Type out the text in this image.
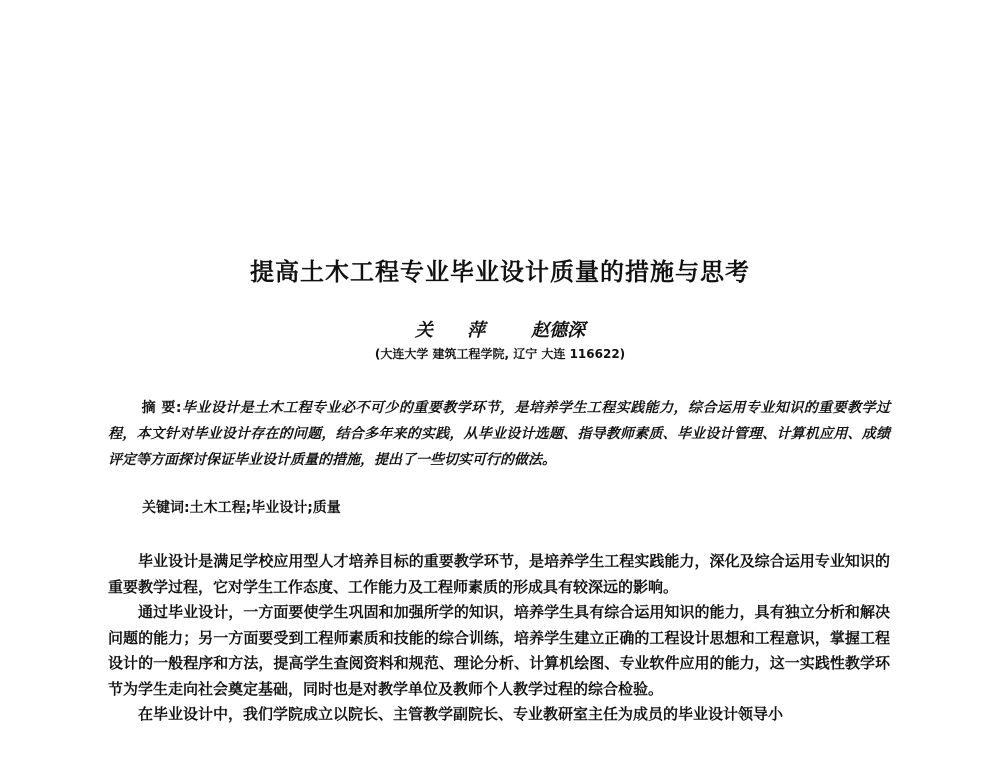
提高土木工程专业毕业设计质量的措施与思考
关 萍 赵德深
(大连大学 建筑工程学院, 辽宁 大连 116622)

摘 要:毕业设计是土木工程专业必不可少的重要教学环节，是培养学生工程实践能力，综合运用专业知识的重要教学过程，本文针对毕业设计存在的问题，结合多年来的实践，从毕业设计选题、指导教师素质、毕业设计管理、计算机应用、成绩评定等方面探讨保证毕业设计质量的措施，提出了一些切实可行的做法。

关键词:土木工程;毕业设计;质量

毕业设计是满足学校应用型人才培养目标的重要教学环节，是培养学生工程实践能力，深化及综合运用专业知识的重要教学过程，它对学生工作态度、工作能力及工程师素质的形成具有较深远的影响。

通过毕业设计，一方面要使学生巩固和加强所学的知识，培养学生具有综合运用知识的能力，具有独立分析和解决问题的能力；另一方面要受到工程师素质和技能的综合训练，培养学生建立正确的工程设计思想和工程意识，掌握工程设计的一般程序和方法，提高学生查阅资料和规范、理论分析、计算机绘图、专业软件应用的能力，这一实践性教学环节为学生走向社会奠定基础，同时也是对教学单位及教师个人教学过程的综合检验。

在毕业设计中，我们学院成立以院长、主管教学副院长、专业教研室主任为成员的毕业设计领导小
